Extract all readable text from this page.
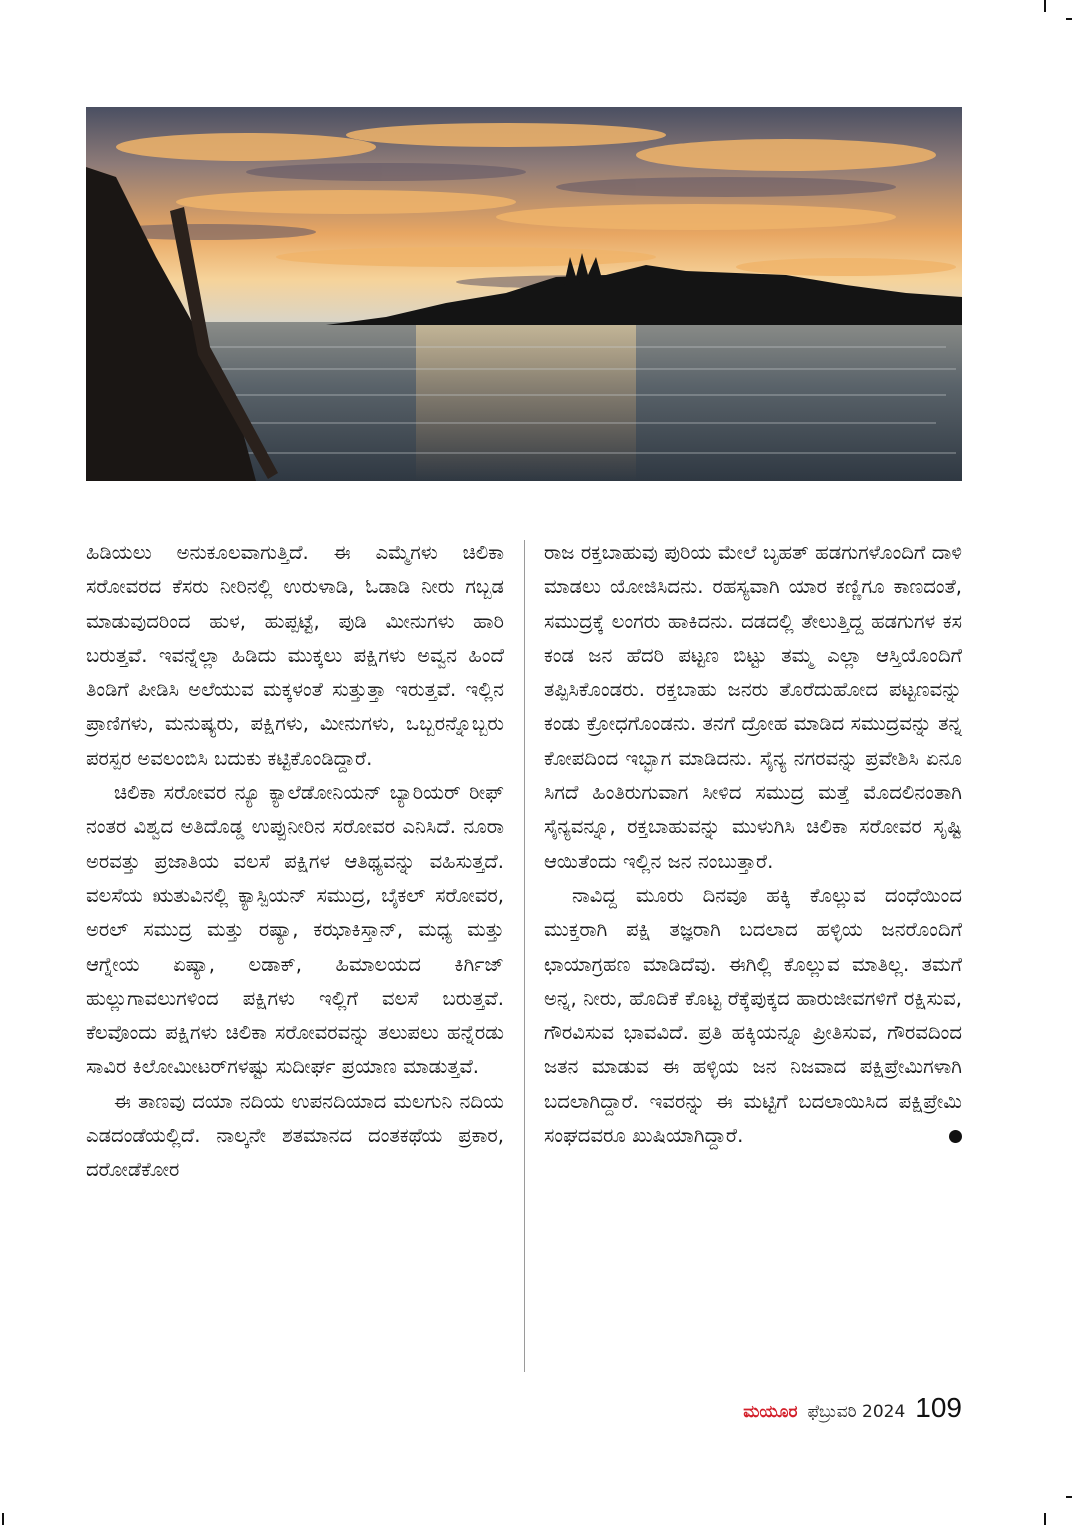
ಹಿಡಿಯಲು ಅನುಕೂಲವಾಗುತ್ತಿದೆ. ಈ ಎಮ್ಮೆಗಳು ಚಿಲಿಕಾ ಸರೋವರದ ಕೆಸರು ನೀರಿನಲ್ಲಿ ಉರುಳಾಡಿ, ಓಡಾಡಿ ನೀರು ಗಬ್ಬಡ ಮಾಡುವುದರಿಂದ ಹುಳ, ಹುಪ್ಪಟ್ಟೆ, ಪುಡಿ ಮೀನುಗಳು ಹಾರಿ ಬರುತ್ತವೆ. ಇವನ್ನೆಲ್ಲಾ ಹಿಡಿದು ಮುಕ್ಕಲು ಪಕ್ಷಿಗಳು ಅವ್ವನ ಹಿಂದೆ ತಿಂಡಿಗೆ ಪೀಡಿಸಿ ಅಲೆಯುವ ಮಕ್ಕಳಂತೆ ಸುತ್ತುತ್ತಾ ಇರುತ್ತವೆ. ಇಲ್ಲಿನ ಪ್ರಾಣಿಗಳು, ಮನುಷ್ಯರು, ಪಕ್ಷಿಗಳು, ಮೀನುಗಳು, ಒಬ್ಬರನ್ನೊಬ್ಬರು ಪರಸ್ಪರ ಅವಲಂಬಿಸಿ ಬದುಕು ಕಟ್ಟಿಕೊಂಡಿದ್ದಾರೆ.

ಚಿಲಿಕಾ ಸರೋವರ ನ್ಯೂ ಕ್ಯಾಲೆಡೋನಿಯನ್ ಬ್ಯಾರಿಯರ್ ರೀಫ್ ನಂತರ ವಿಶ್ವದ ಅತಿದೊಡ್ಡ ಉಪ್ಪುನೀರಿನ ಸರೋವರ ಎನಿಸಿದೆ. ನೂರಾ ಅರವತ್ತು ಪ್ರಜಾತಿಯ ವಲಸೆ ಪಕ್ಷಿಗಳ ಆತಿಥ್ಯವನ್ನು ವಹಿಸುತ್ತದೆ. ವಲಸೆಯ ಋತುವಿನಲ್ಲಿ ಕ್ಯಾಸ್ಪಿಯನ್ ಸಮುದ್ರ, ಬೈಕಲ್ ಸರೋವರ, ಅರಲ್ ಸಮುದ್ರ ಮತ್ತು ರಷ್ಯಾ, ಕಝಾಕಿಸ್ತಾನ್, ಮಧ್ಯ ಮತ್ತು ಆಗ್ನೇಯ ಏಷ್ಯಾ, ಲಡಾಕ್, ಹಿಮಾಲಯದ ಕಿರ್ಗಿಜ್ ಹುಲ್ಲುಗಾವಲುಗಳಿಂದ ಪಕ್ಷಿಗಳು ಇಲ್ಲಿಗೆ ವಲಸೆ ಬರುತ್ತವೆ. ಕೆಲವೊಂದು ಪಕ್ಷಿಗಳು ಚಿಲಿಕಾ ಸರೋವರವನ್ನು ತಲುಪಲು ಹನ್ನೆರಡು ಸಾವಿರ ಕಿಲೋಮೀಟರ್‌ಗಳಷ್ಟು ಸುದೀರ್ಘ ಪ್ರಯಾಣ ಮಾಡುತ್ತವೆ.

ಈ ತಾಣವು ದಯಾ ನದಿಯ ಉಪನದಿಯಾದ ಮಲಗುನಿ ನದಿಯ ಎಡದಂಡೆಯಲ್ಲಿದೆ. ನಾಲ್ಕನೇ ಶತಮಾನದ ದಂತಕಥೆಯ ಪ್ರಕಾರ, ದರೋಡೆಕೋರ

ರಾಜ ರಕ್ತಬಾಹುವು ಪುರಿಯ ಮೇಲೆ ಬೃಹತ್ ಹಡಗುಗಳೊಂದಿಗೆ ದಾಳಿ ಮಾಡಲು ಯೋಜಿಸಿದನು. ರಹಸ್ಯವಾಗಿ ಯಾರ ಕಣ್ಣಿಗೂ ಕಾಣದಂತೆ, ಸಮುದ್ರಕ್ಕೆ ಲಂಗರು ಹಾಕಿದನು. ದಡದಲ್ಲಿ ತೇಲುತ್ತಿದ್ದ ಹಡಗುಗಳ ಕಸ ಕಂಡ ಜನ ಹೆದರಿ ಪಟ್ಟಣ ಬಿಟ್ಟು ತಮ್ಮ ಎಲ್ಲಾ ಆಸ್ತಿಯೊಂದಿಗೆ ತಪ್ಪಿಸಿಕೊಂಡರು. ರಕ್ತಬಾಹು ಜನರು ತೊರೆದುಹೋದ ಪಟ್ಟಣವನ್ನು ಕಂಡು ಕ್ರೋಧಗೊಂಡನು. ತನಗೆ ದ್ರೋಹ ಮಾಡಿದ ಸಮುದ್ರವನ್ನು ತನ್ನ ಕೋಪದಿಂದ ಇಬ್ಭಾಗ ಮಾಡಿದನು. ಸೈನ್ಯ ನಗರವನ್ನು ಪ್ರವೇಶಿಸಿ ಏನೂ ಸಿಗದೆ ಹಿಂತಿರುಗುವಾಗ ಸೀಳಿದ ಸಮುದ್ರ ಮತ್ತೆ ಮೊದಲಿನಂತಾಗಿ ಸೈನ್ಯವನ್ನೂ, ರಕ್ತಬಾಹುವನ್ನು ಮುಳುಗಿಸಿ ಚಿಲಿಕಾ ಸರೋವರ ಸೃಷ್ಟಿ ಆಯಿತೆಂದು ಇಲ್ಲಿನ ಜನ ನಂಬುತ್ತಾರೆ.

ನಾವಿದ್ದ ಮೂರು ದಿನವೂ ಹಕ್ಕಿ ಕೊಲ್ಲುವ ದಂಧೆಯಿಂದ ಮುಕ್ತರಾಗಿ ಪಕ್ಷಿ ತಜ್ಞರಾಗಿ ಬದಲಾದ ಹಳ್ಳಿಯ ಜನರೊಂದಿಗೆ ಛಾಯಾಗ್ರಹಣ ಮಾಡಿದೆವು. ಈಗಿಲ್ಲಿ ಕೊಲ್ಲುವ ಮಾತಿಲ್ಲ. ತಮಗೆ ಅನ್ನ, ನೀರು, ಹೊದಿಕೆ ಕೊಟ್ಟ ರೆಕ್ಕೆಪುಕ್ಕದ ಹಾರುಜೀವಗಳಿಗೆ ರಕ್ಷಿಸುವ, ಗೌರವಿಸುವ ಭಾವವಿದೆ. ಪ್ರತಿ ಹಕ್ಕಿಯನ್ನೂ ಪ್ರೀತಿಸುವ, ಗೌರವದಿಂದ ಜತನ ಮಾಡುವ ಈ ಹಳ್ಳಿಯ ಜನ ನಿಜವಾದ ಪಕ್ಷಿಪ್ರೇಮಿಗಳಾಗಿ ಬದಲಾಗಿದ್ದಾರೆ. ಇವರನ್ನು ಈ ಮಟ್ಟಿಗೆ ಬದಲಾಯಿಸಿದ ಪಕ್ಷಿಪ್ರೇಮಿ ಸಂಘದವರೂ ಖುಷಿಯಾಗಿದ್ದಾರೆ.

ಮಯೂರ ಫೆಬ್ರುವರಿ 2024 109
